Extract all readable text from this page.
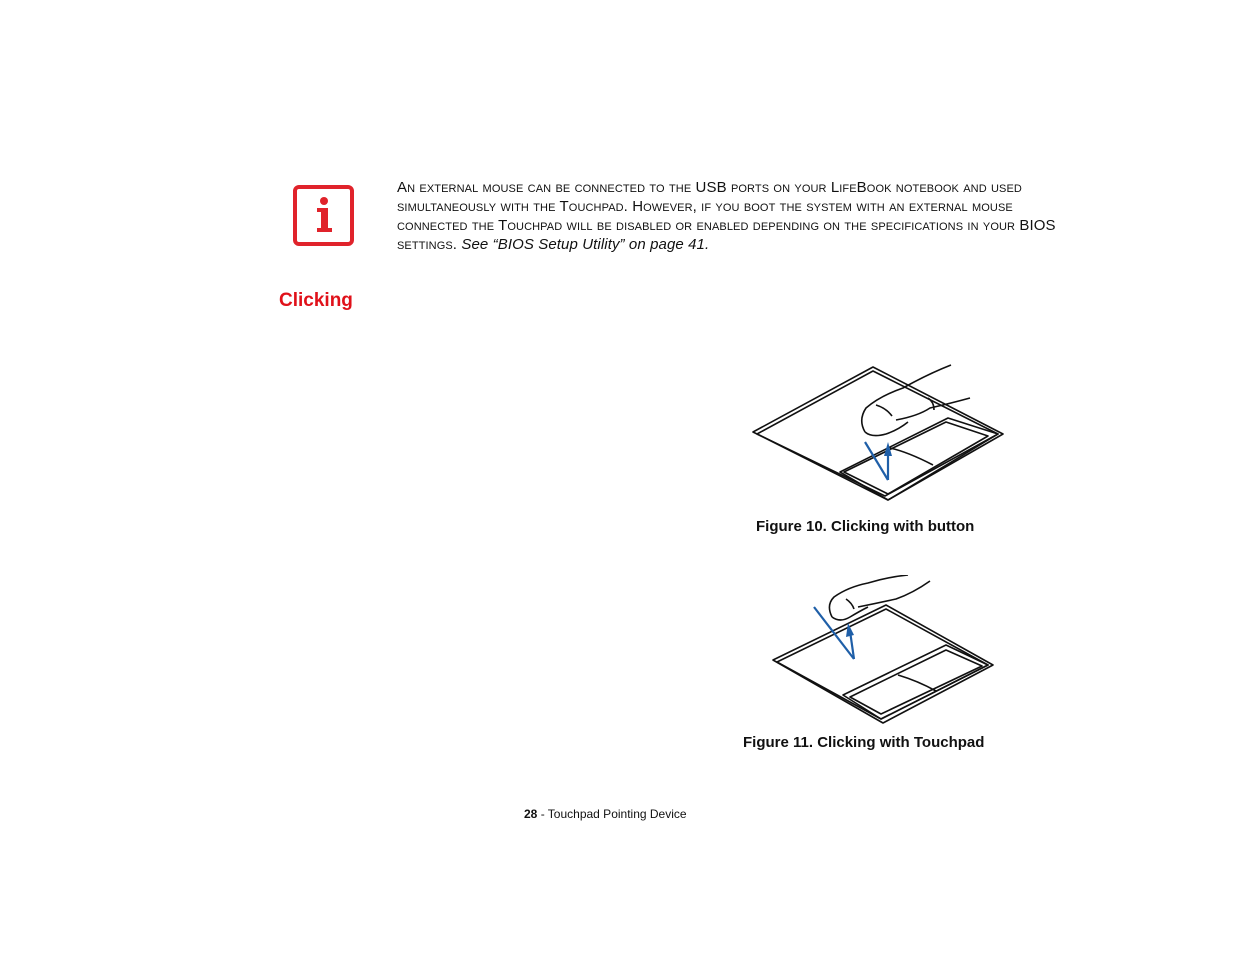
An external mouse can be connected to the USB ports on your LifeBook notebook and used simultaneously with the Touchpad. However, if you boot the system with an external mouse connected the Touchpad will be disabled or enabled depending on the specifications in your BIOS settings. See “BIOS Setup Utility” on page 41.
Clicking
Figure 10. Clicking with button
Figure 11. Clicking with Touchpad
28 - Touchpad Pointing Device
